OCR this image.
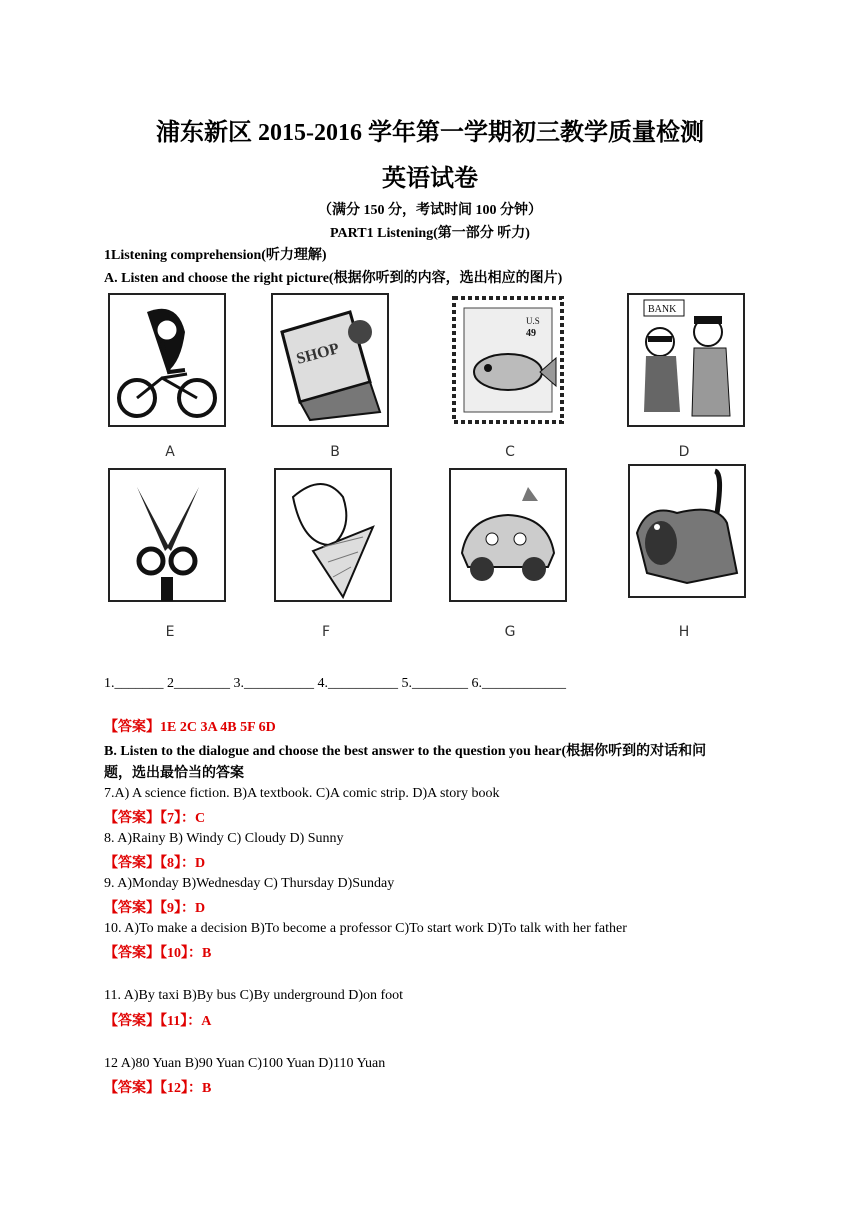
浦东新区 2015-2016 学年第一学期初三教学质量检测
英语试卷
（满分 150 分，考试时间 100 分钟）
PART1 Listening(第一部分 听力)
1Listening comprehension(听力理解)
A. Listen and choose the right picture(根据你听到的内容，选出相应的图片)
SHOP
U.S
49
BANK
A	B	C	D
E	F	G	H
1._______ 2________ 3.__________ 4.__________ 5.________ 6.____________
【答案】1E 2C 3A 4B 5F 6D
B. Listen to the dialogue and choose the best answer to the question you hear(根据你听到的对话和问
题，选出最恰当的答案
7.A) A science fiction. B)A textbook. C)A comic strip. D)A story book
【答案】【7】：C
8. A)Rainy B) Windy C) Cloudy D) Sunny
【答案】【8】：D
9. A)Monday B)Wednesday C) Thursday D)Sunday
【答案】【9】：D
10. A)To make a decision B)To become a professor C)To start work D)To talk with her father
【答案】【10】：B
11. A)By taxi B)By bus C)By underground D)on foot
【答案】【11】：A
12 A)80 Yuan B)90 Yuan C)100 Yuan D)110 Yuan
【答案】【12】：B
